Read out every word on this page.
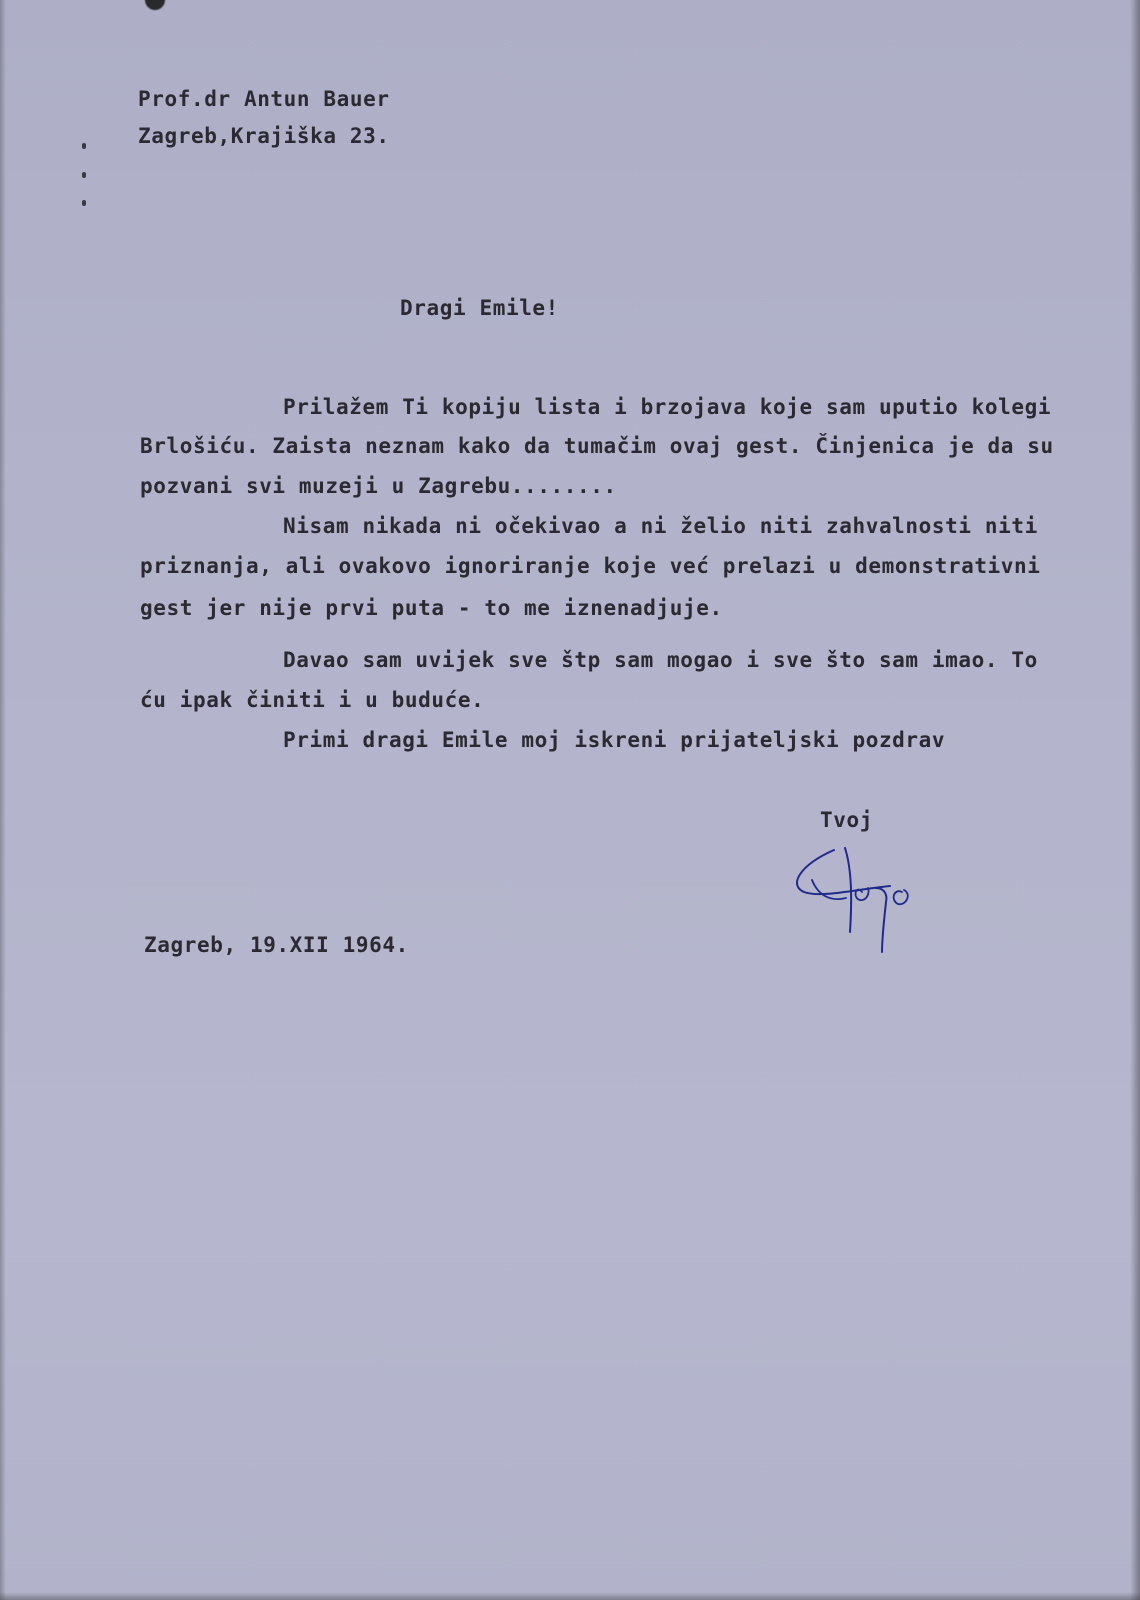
Prof.dr Antun Bauer
Zagreb,Krajiška 23.
Dragi Emile!
Prilažem Ti kopiju lista i brzojava koje sam uputio kolegi
Brlošiću. Zaista neznam kako da tumačim ovaj gest. Činjenica je da su
pozvani svi muzeji u Zagrebu........
Nisam nikada ni očekivao a ni želio niti zahvalnosti niti
priznanja, ali ovakovo ignoriranje koje već prelazi u demonstrativni
gest jer nije prvi puta - to me iznenadjuje.
Davao sam uvijek sve štp sam mogao i sve što sam imao. To
ću ipak činiti i u buduće.
Primi dragi Emile moj iskreni prijateljski pozdrav
Tvoj
Zagreb, 19.XII 1964.
